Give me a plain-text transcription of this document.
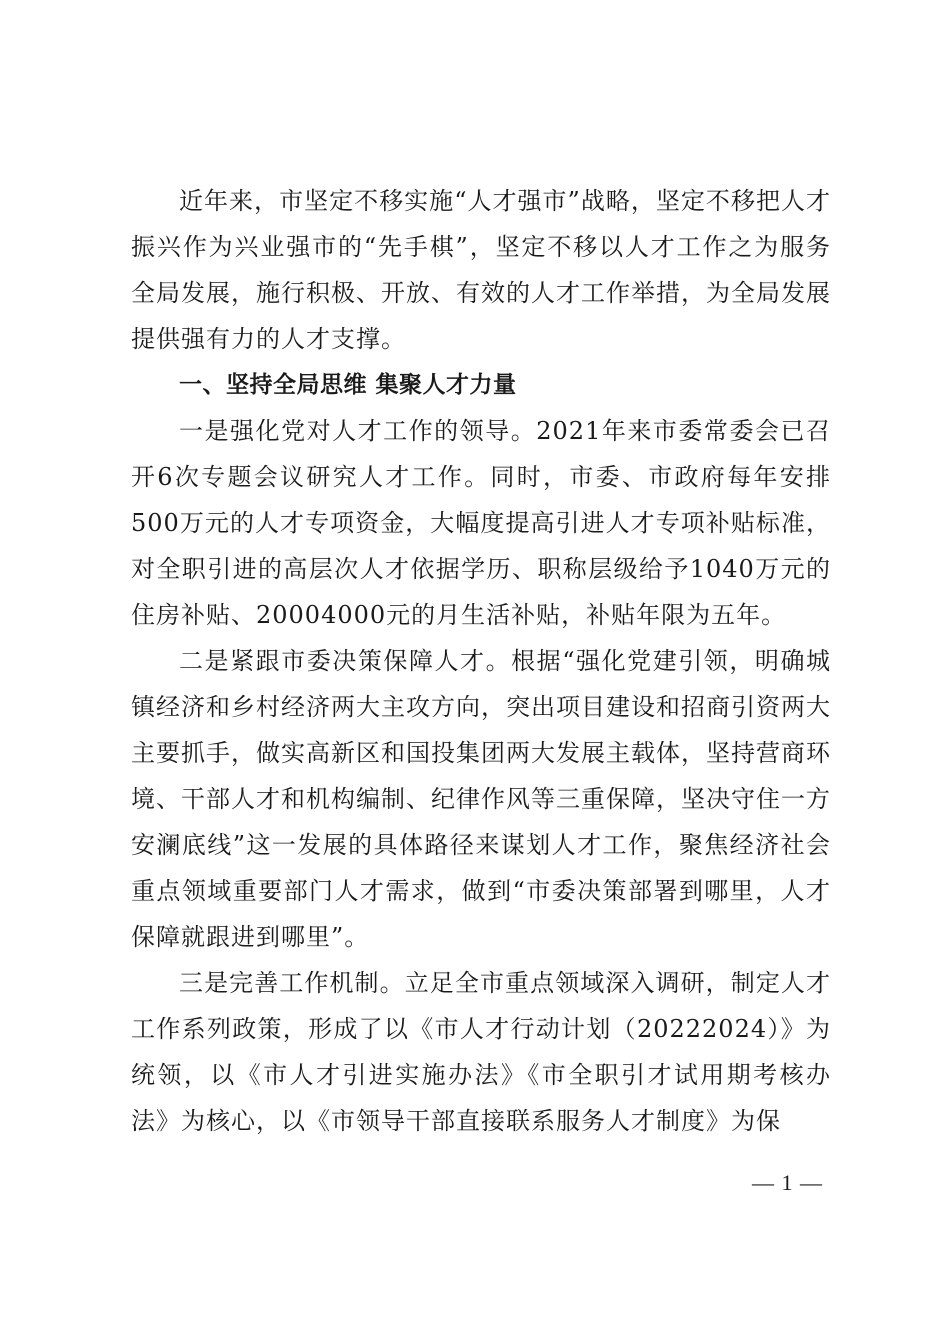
近年来，市坚定不移实施“人才强市”战略，坚定不移把人才振兴作为兴业强市的“先手棋”，坚定不移以人才工作之为服务全局发展，施行积极、开放、有效的人才工作举措，为全局发展提供强有力的人才支撑。

一、坚持全局思维 集聚人才力量

一是强化党对人才工作的领导。2021年来市委常委会已召开6次专题会议研究人才工作。同时，市委、市政府每年安排500万元的人才专项资金，大幅度提高引进人才专项补贴标准，对全职引进的高层次人才依据学历、职称层级给予1040万元的住房补贴、20004000元的月生活补贴，补贴年限为五年。

二是紧跟市委决策保障人才。根据“强化党建引领，明确城镇经济和乡村经济两大主攻方向，突出项目建设和招商引资两大主要抓手，做实高新区和国投集团两大发展主载体，坚持营商环境、干部人才和机构编制、纪律作风等三重保障，坚决守住一方安澜底线”这一发展的具体路径来谋划人才工作，聚焦经济社会重点领域重要部门人才需求，做到“市委决策部署到哪里，人才保障就跟进到哪里”。

三是完善工作机制。立足全市重点领域深入调研，制定人才工作系列政策，形成了以《市人才行动计划（20222024）》为统领，以《市人才引进实施办法》《市全职引才试用期考核办法》为核心，以《市领导干部直接联系服务人才制度》为保

— 1 —
